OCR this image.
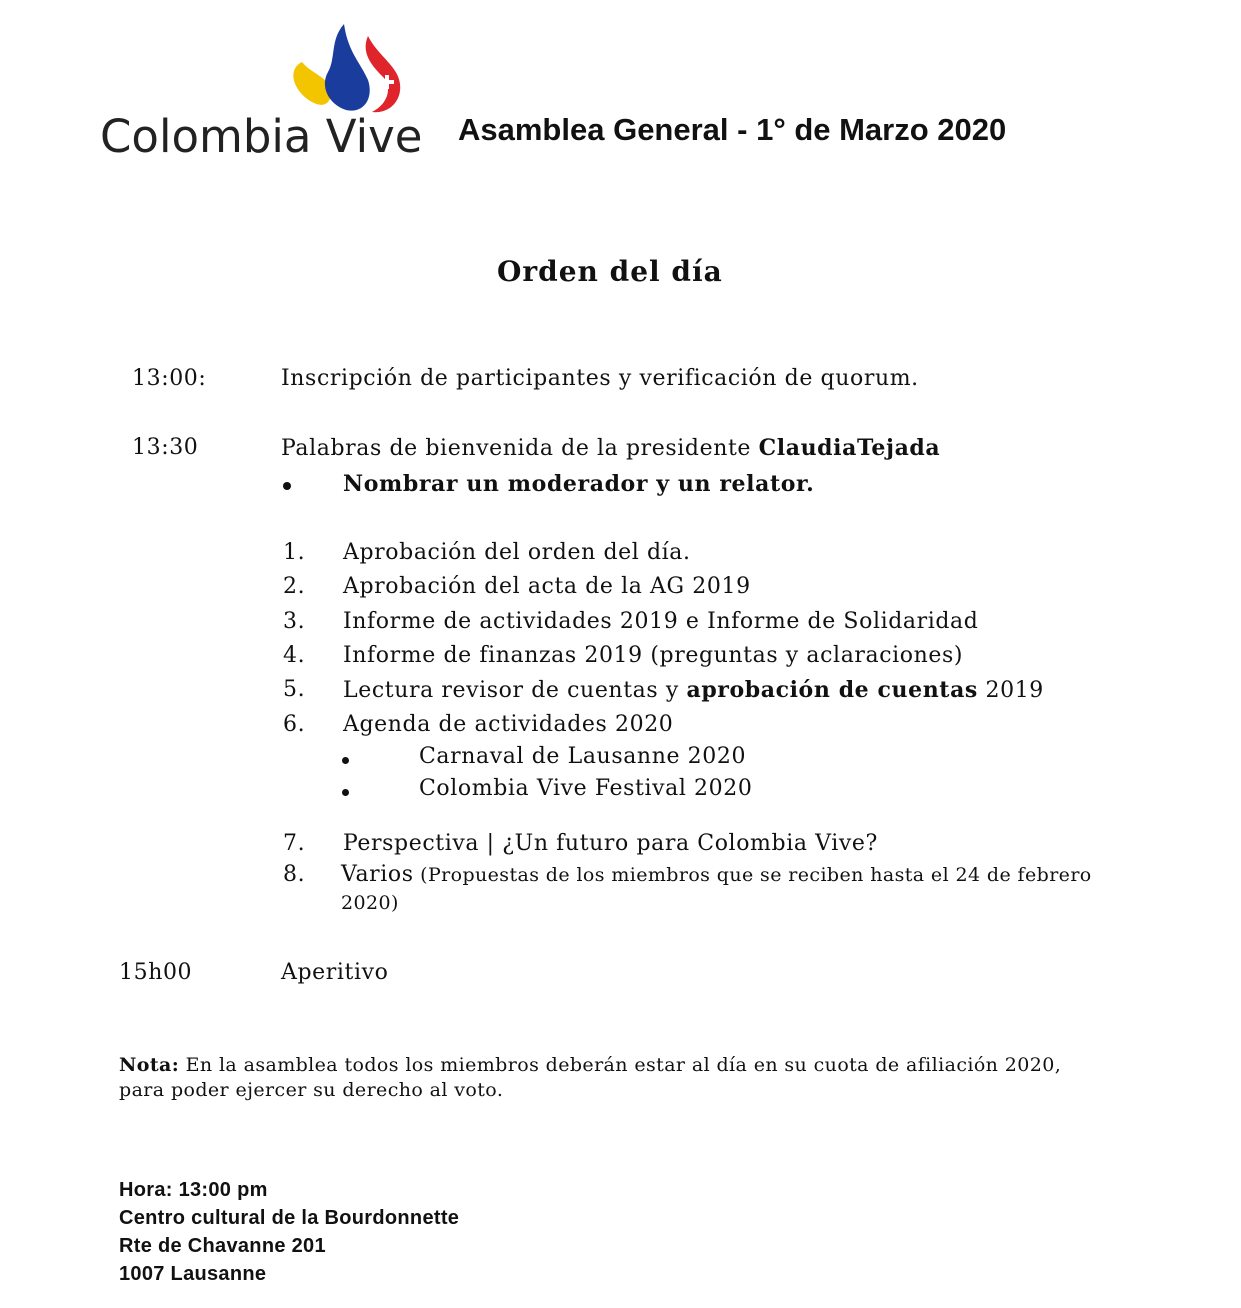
Colombia Vive Asamblea General - 1° de Marzo 2020
Orden del día
13:00:	Inscripción de participantes y verificación de quorum.
13:30	Palabras de bienvenida de la presidente ClaudiaTejada
Nombrar un moderador y un relator.
1. Aprobación del orden del día.
2. Aprobación del acta de la AG 2019
3. Informe de actividades 2019 e Informe de Solidaridad
4. Informe de finanzas 2019 (preguntas y aclaraciones)
5. Lectura revisor de cuentas y aprobación de cuentas 2019
6. Agenda de actividades 2020
Carnaval de Lausanne 2020
Colombia Vive Festival 2020
7. Perspectiva | ¿Un futuro para Colombia Vive?
8. Varios (Propuestas de los miembros que se reciben hasta el 24 de febrero
2020)
15h00	Aperitivo
Nota: En la asamblea todos los miembros deberán estar al día en su cuota de afiliación 2020,
para poder ejercer su derecho al voto.
Hora: 13:00 pm
Centro cultural de la Bourdonnette
Rte de Chavanne 201
1007 Lausanne
